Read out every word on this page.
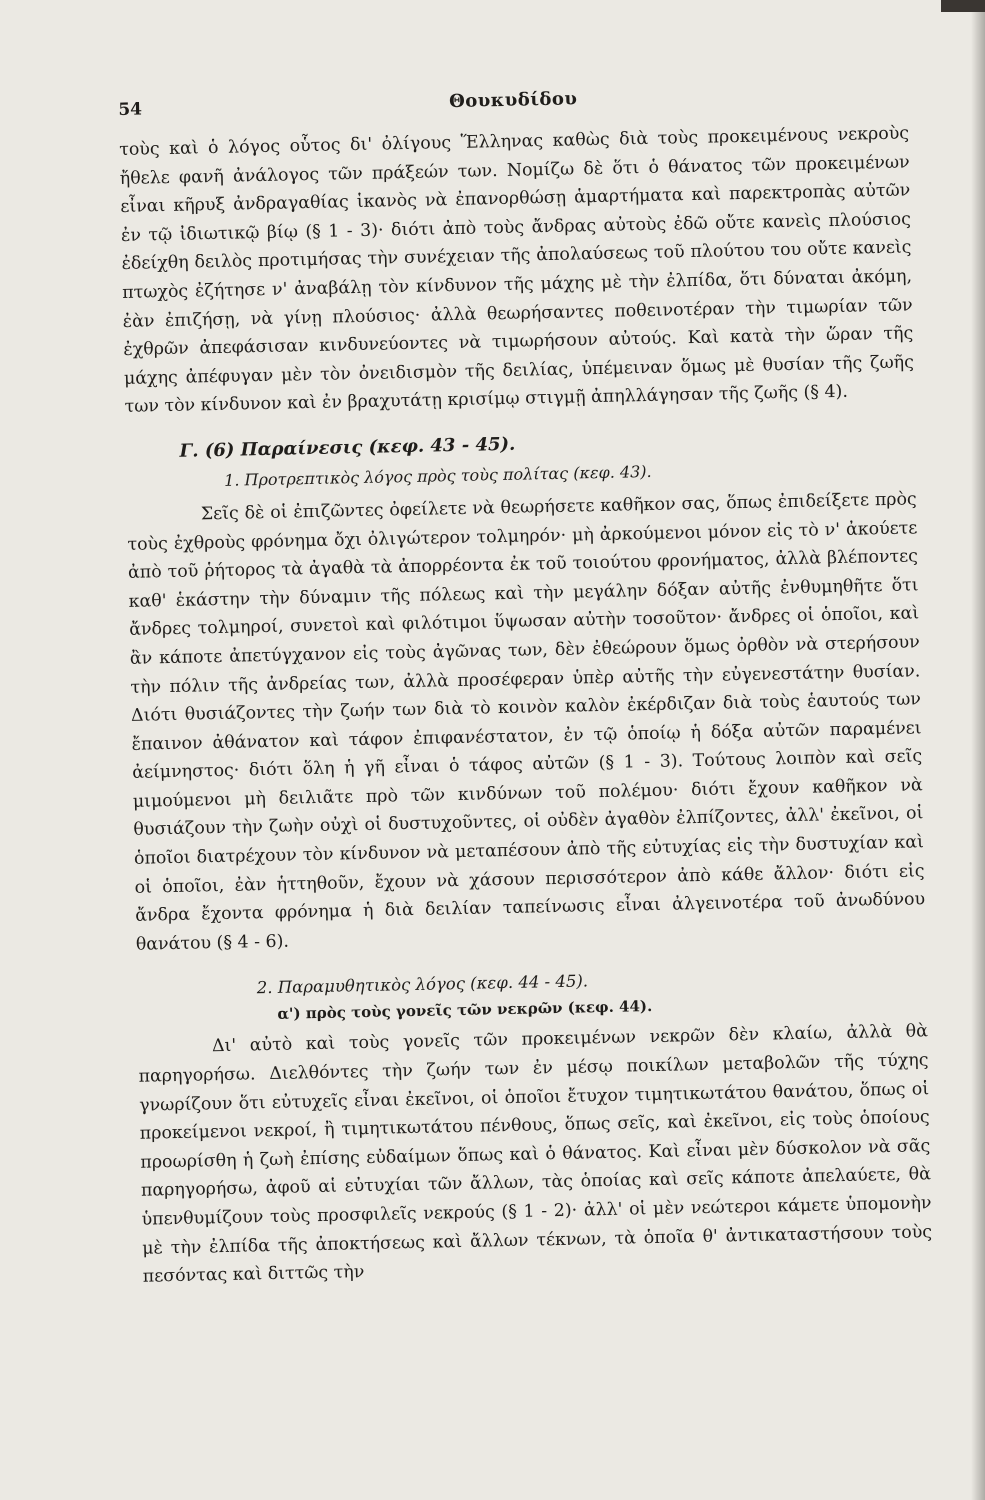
54	Θουκυδίδου

τοὺς καὶ ὁ λόγος οὗτος δι' ὀλίγους Ἕλληνας καθὼς διὰ τοὺς προκειμένους νεκροὺς ἤθελε φανῆ ἀνάλογος τῶν πράξεών των. Νομίζω δὲ ὅτι ὁ θάνατος τῶν προκειμένων εἶναι κῆρυξ ἀνδραγαθίας ἱκανὸς νὰ ἐπανορθώσῃ ἁμαρτήματα καὶ παρεκτροπὰς αὐτῶν ἐν τῷ ἰδιωτικῷ βίῳ (§ 1 - 3)· διότι ἀπὸ τοὺς ἄνδρας αὐτοὺς ἐδῶ οὔτε κανεὶς πλούσιος ἐδείχθη δειλὸς προτιμήσας τὴν συνέχειαν τῆς ἀπολαύσεως τοῦ πλούτου του οὔτε κανεὶς πτωχὸς ἐζήτησε ν' ἀναβάλῃ τὸν κίνδυνον τῆς μάχης μὲ τὴν ἐλπίδα, ὅτι δύναται ἀκόμη, ἐὰν ἐπιζήσῃ, νὰ γίνῃ πλούσιος· ἀλλὰ θεωρήσαντες ποθεινοτέραν τὴν τιμωρίαν τῶν ἐχθρῶν ἀπεφάσισαν κινδυνεύοντες νὰ τιμωρήσουν αὐτούς. Καὶ κατὰ τὴν ὥραν τῆς μάχης ἀπέφυγαν μὲν τὸν ὀνειδισμὸν τῆς δειλίας, ὑπέμειναν ὅμως μὲ θυσίαν τῆς ζωῆς των τὸν κίνδυνον καὶ ἐν βραχυτάτῃ κρισίμῳ στιγμῇ ἀπηλλάγησαν τῆς ζωῆς (§ 4).

Γ. (6) Παραίνεσις (κεφ. 43 - 45).
1. Προτρεπτικὸς λόγος πρὸς τοὺς πολίτας (κεφ. 43).

Σεῖς δὲ οἱ ἐπιζῶντες ὀφείλετε νὰ θεωρήσετε καθῆκον σας, ὅπως ἐπιδείξετε πρὸς τοὺς ἐχθροὺς φρόνημα ὄχι ὀλιγώτερον τολμηρόν· μὴ ἀρκούμενοι μόνον εἰς τὸ ν' ἀκούετε ἀπὸ τοῦ ῥήτορος τὰ ἀγαθὰ τὰ ἀπορρέοντα ἐκ τοῦ τοιούτου φρονήματος, ἀλλὰ βλέποντες καθ' ἑκάστην τὴν δύναμιν τῆς πόλεως καὶ τὴν μεγάλην δόξαν αὐτῆς ἐνθυμηθῆτε ὅτι ἄνδρες τολμηροί, συνετοὶ καὶ φιλότιμοι ὕψωσαν αὐτὴν τοσοῦτον· ἄνδρες οἱ ὁποῖοι, καὶ ἂν κάποτε ἀπετύγχανον εἰς τοὺς ἀγῶνας των, δὲν ἐθεώρουν ὅμως ὀρθὸν νὰ στερήσουν τὴν πόλιν τῆς ἀνδρείας των, ἀλλὰ προσέφεραν ὑπὲρ αὐτῆς τὴν εὐγενεστάτην θυσίαν. Διότι θυσιάζοντες τὴν ζωήν των διὰ τὸ κοινὸν καλὸν ἐκέρδιζαν διὰ τοὺς ἑαυτούς των ἔπαινον ἀθάνατον καὶ τάφον ἐπιφανέστατον, ἐν τῷ ὁποίῳ ἡ δόξα αὐτῶν παραμένει ἀείμνηστος· διότι ὅλη ἡ γῆ εἶναι ὁ τάφος αὐτῶν (§ 1 - 3). Τούτους λοιπὸν καὶ σεῖς μιμούμενοι μὴ δειλιᾶτε πρὸ τῶν κινδύνων τοῦ πολέμου· διότι ἔχουν καθῆκον νὰ θυσιάζουν τὴν ζωὴν οὐχὶ οἱ δυστυχοῦντες, οἱ οὐδὲν ἀγαθὸν ἐλπίζοντες, ἀλλ' ἐκεῖνοι, οἱ ὁποῖοι διατρέχουν τὸν κίνδυνον νὰ μεταπέσουν ἀπὸ τῆς εὐτυχίας εἰς τὴν δυστυχίαν καὶ οἱ ὁποῖοι, ἐὰν ἡττηθοῦν, ἔχουν νὰ χάσουν περισσότερον ἀπὸ κάθε ἄλλον· διότι εἰς ἄνδρα ἔχοντα φρόνημα ἡ διὰ δειλίαν ταπείνωσις εἶναι ἀλγεινοτέρα τοῦ ἀνωδύνου θανάτου (§ 4 - 6).

2. Παραμυθητικὸς λόγος (κεφ. 44 - 45).
α') πρὸς τοὺς γονεῖς τῶν νεκρῶν (κεφ. 44).

Δι' αὐτὸ καὶ τοὺς γονεῖς τῶν προκειμένων νεκρῶν δὲν κλαίω, ἀλλὰ θὰ παρηγορήσω. Διελθόντες τὴν ζωήν των ἐν μέσῳ ποικίλων μεταβολῶν τῆς τύχης γνωρίζουν ὅτι εὐτυχεῖς εἶναι ἐκεῖνοι, οἱ ὁποῖοι ἔτυχον τιμητικωτάτου θανάτου, ὅπως οἱ προκείμενοι νεκροί, ἢ τιμητικωτάτου πένθους, ὅπως σεῖς, καὶ ἐκεῖνοι, εἰς τοὺς ὁποίους προωρίσθη ἡ ζωὴ ἐπίσης εὐδαίμων ὅπως καὶ ὁ θάνατος. Καὶ εἶναι μὲν δύσκολον νὰ σᾶς παρηγορήσω, ἀφοῦ αἱ εὐτυχίαι τῶν ἄλλων, τὰς ὁποίας καὶ σεῖς κάποτε ἀπελαύετε, θὰ ὑπενθυμίζουν τοὺς προσφιλεῖς νεκρούς (§ 1 - 2)· ἀλλ' οἱ μὲν νεώτεροι κάμετε ὑπομονὴν μὲ τὴν ἐλπίδα τῆς ἀποκτήσεως καὶ ἄλλων τέκνων, τὰ ὁποῖα θ' ἀντικαταστήσουν τοὺς πεσόντας καὶ διττῶς τὴν
